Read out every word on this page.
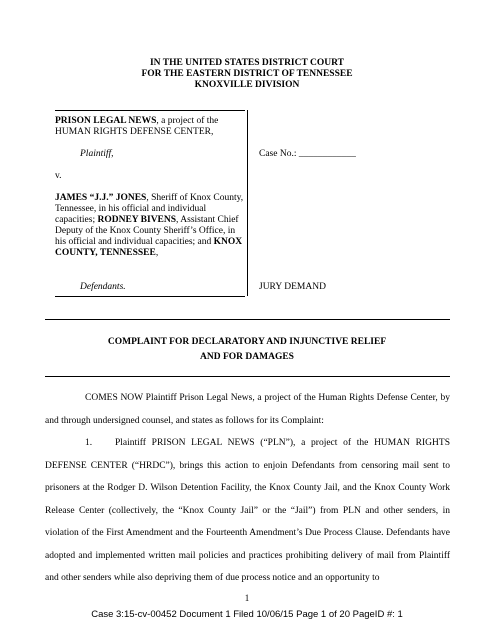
IN THE UNITED STATES DISTRICT COURT
FOR THE EASTERN DISTRICT OF TENNESSEE
KNOXVILLE DIVISION
PRISON LEGAL NEWS, a project of the HUMAN RIGHTS DEFENSE CENTER,
Plaintiff,
v.
JAMES “J.J.” JONES, Sheriff of Knox County, Tennessee, in his official and individual capacities; RODNEY BIVENS, Assistant Chief Deputy of the Knox County Sheriff’s Office, in his official and individual capacities; and KNOX COUNTY, TENNESSEE,
Defendants.
Case No.: ____________
JURY DEMAND
COMPLAINT FOR DECLARATORY AND INJUNCTIVE RELIEF
AND FOR DAMAGES

COMES NOW Plaintiff Prison Legal News, a project of the Human Rights Defense Center, by and through undersigned counsel, and states as follows for its Complaint:

1. Plaintiff PRISON LEGAL NEWS (“PLN”), a project of the HUMAN RIGHTS DEFENSE CENTER (“HRDC”), brings this action to enjoin Defendants from censoring mail sent to prisoners at the Rodger D. Wilson Detention Facility, the Knox County Jail, and the Knox County Work Release Center (collectively, the “Knox County Jail” or the “Jail”) from PLN and other senders, in violation of the First Amendment and the Fourteenth Amendment’s Due Process Clause. Defendants have adopted and implemented written mail policies and practices prohibiting delivery of mail from Plaintiff and other senders while also depriving them of due process notice and an opportunity to

1
Case 3:15-cv-00452 Document 1 Filed 10/06/15 Page 1 of 20 PageID #: 1
